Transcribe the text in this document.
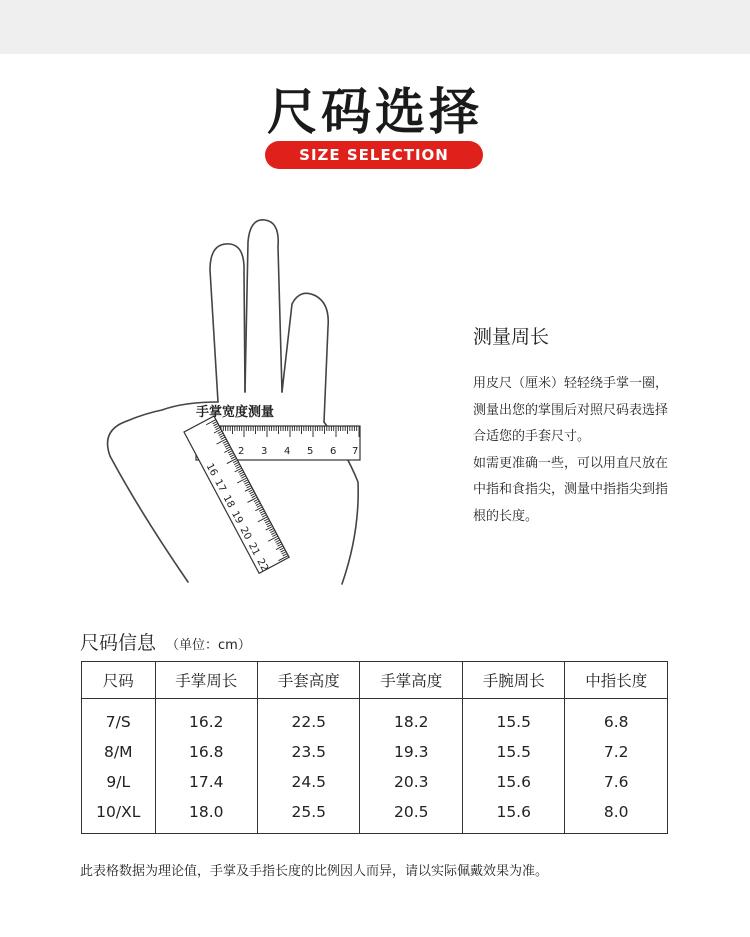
尺码选择
SIZE SELECTION
2 3 4 5 6 7
16
17
18
19
20
21
22
手掌宽度测量
测量周长

用皮尺（厘米）轻轻绕手掌一圈，测量出您的掌围后对照尺码表选择合适您的手套尺寸。

如需更准确一些，可以用直尺放在中指和食指尖，测量中指指尖到指根的长度。

尺码信息 （单位：cm）
尺码	手掌周长	手套高度	手掌高度	手腕周长	中指长度
7/S	16.2	22.5	18.2	15.5	6.8
8/M	16.8	23.5	19.3	15.5	7.2
9/L	17.4	24.5	20.3	15.6	7.6
10/XL	18.0	25.5	20.5	15.6	8.0
此表格数据为理论值，手掌及手指长度的比例因人而异，请以实际佩戴效果为准。
